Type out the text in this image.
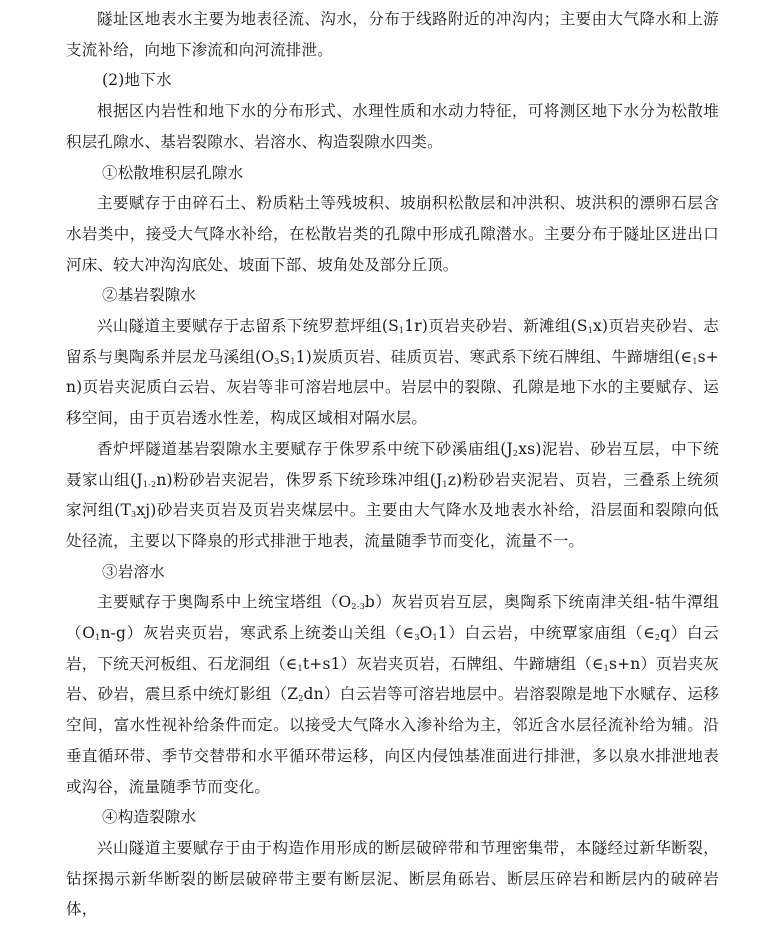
隧址区地表水主要为地表径流、沟水，分布于线路附近的冲沟内；主要由大气降水和上游支流补给，向地下渗流和向河流排泄。

(2)地下水

根据区内岩性和地下水的分布形式、水理性质和水动力特征，可将测区地下水分为松散堆积层孔隙水、基岩裂隙水、岩溶水、构造裂隙水四类。

①松散堆积层孔隙水

主要赋存于由碎石土、粉质粘土等残坡积、坡崩积松散层和冲洪积、坡洪积的漂卵石层含水岩类中，接受大气降水补给，在松散岩类的孔隙中形成孔隙潜水。主要分布于隧址区进出口河床、较大冲沟沟底处、坡面下部、坡角处及部分丘顶。

②基岩裂隙水

兴山隧道主要赋存于志留系下统罗惹坪组$(S_11r)$页岩夹砂岩、新滩组$(S_1x)$页岩夹砂岩、志留系与奥陶系并层龙马溪组$(O_3S_11)$炭质页岩、硅质页岩、寒武系下统石牌组、牛蹄塘组$(\in_1s+n)$页岩夹泥质白云岩、灰岩等非可溶岩地层中。岩层中的裂隙、孔隙是地下水的主要赋存、运移空间，由于页岩透水性差，构成区域相对隔水层。

香炉坪隧道基岩裂隙水主要赋存于侏罗系中统下砂溪庙组$(J_2xs)$泥岩、砂岩互层，中下统聂家山组$(J_{1-2}n)$粉砂岩夹泥岩，侏罗系下统珍珠冲组$(J_1z)$粉砂岩夹泥岩、页岩，三叠系上统须家河组$(T_3xj)$砂岩夹页岩及页岩夹煤层中。主要由大气降水及地表水补给，沿层面和裂隙向低处径流，主要以下降泉的形式排泄于地表，流量随季节而变化，流量不一。

③岩溶水

主要赋存于奥陶系中上统宝塔组$(O_{2-3}b)$灰岩页岩互层，奥陶系下统南津关组-牯牛潭组$(O_1n-g)$灰岩夹页岩，寒武系上统娄山关组$(\in_3O_11)$白云岩，中统覃家庙组$(\in_2q)$白云岩，下统天河板组、石龙洞组$(\in_1t+s1)$灰岩夹页岩，石牌组、牛蹄塘组$(\in_1s+n)$页岩夹灰岩、砂岩，震旦系中统灯影组$(Z_2dn)$白云岩等可溶岩地层中。岩溶裂隙是地下水赋存、运移空间，富水性视补给条件而定。以接受大气降水入渗补给为主，邻近含水层径流补给为辅。沿垂直循环带、季节交替带和水平循环带运移，向区内侵蚀基准面进行排泄，多以泉水排泄地表或沟谷，流量随季节而变化。

④构造裂隙水

兴山隧道主要赋存于由于构造作用形成的断层破碎带和节理密集带，本隧经过新华断裂，钻探揭示新华断裂的断层破碎带主要有断层泥、断层角砾岩、断层压碎岩和断层内的破碎岩体，
